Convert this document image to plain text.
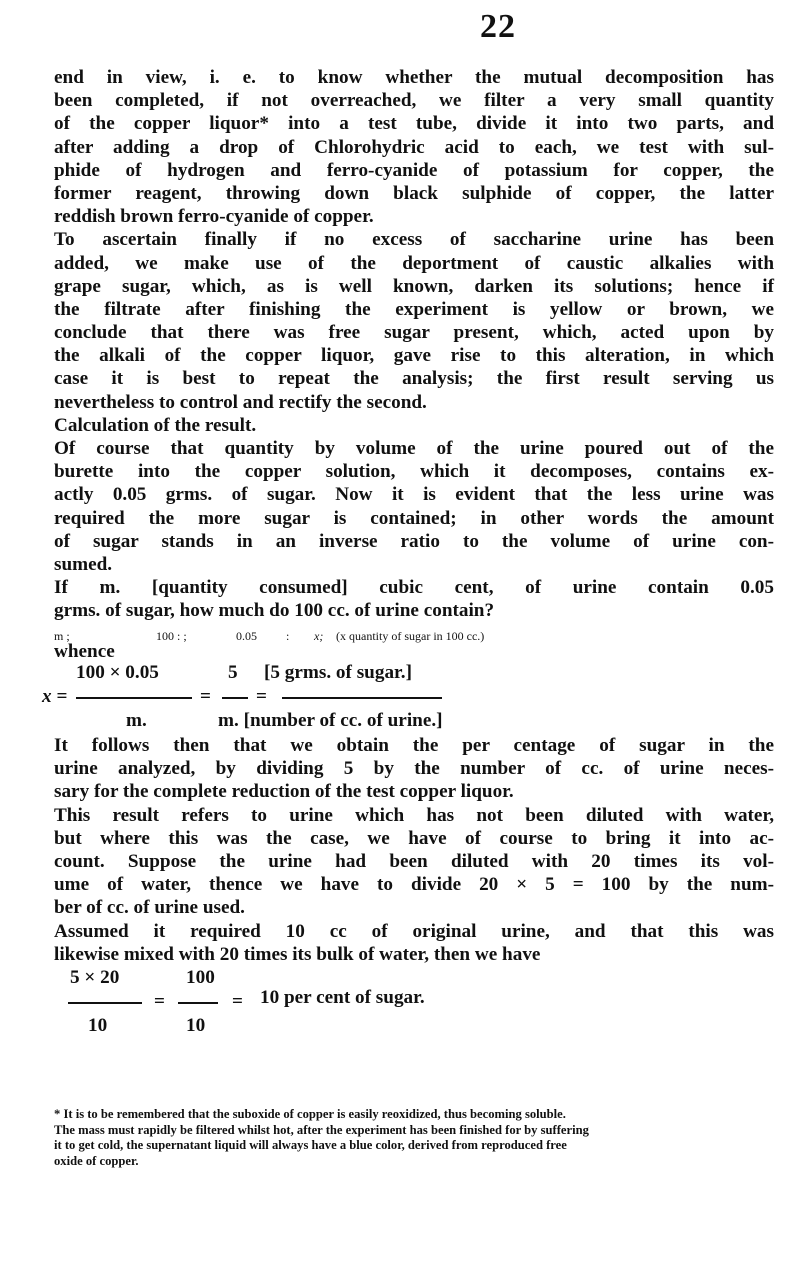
22
end in view, i. e. to know whether the mutual decomposition has
been completed, if not overreached, we filter a very small quantity
of the copper liquor* into a test tube, divide it into two parts, and
after adding a drop of Chlorohydric acid to each, we test with sul-
phide of hydrogen and ferro-cyanide of potassium for copper, the
former reagent, throwing down black sulphide of copper, the latter
reddish brown ferro-cyanide of copper.
To ascertain finally if no excess of saccharine urine has been
added, we make use of the deportment of caustic alkalies with
grape sugar, which, as is well known, darken its solutions; hence if
the filtrate after finishing the experiment is yellow or brown, we
conclude that there was free sugar present, which, acted upon by
the alkali of the copper liquor, gave rise to this alteration, in which
case it is best to repeat the analysis; the first result serving us
nevertheless to control and rectify the second.
Calculation of the result.
Of course that quantity by volume of the urine poured out of the
burette into the copper solution, which it decomposes, contains ex-
actly 0.05 grms. of sugar. Now it is evident that the less urine was
required the more sugar is contained; in other words the amount
of sugar stands in an inverse ratio to the volume of urine con-
sumed.
If m. [quantity consumed] cubic cent, of urine contain 0.05
grms. of sugar, how much do 100 cc. of urine contain?
m ;	100 : ;	0.05 : x; (x quantity of sugar in 100 cc.)
whence
100 × 0.05	5 [5 grms. of sugar.]
x =	= =
m.	m. [number of cc. of urine.]
It follows then that we obtain the per centage of sugar in the
urine analyzed, by dividing 5 by the number of cc. of urine neces-
sary for the complete reduction of the test copper liquor.
This result refers to urine which has not been diluted with water,
but where this was the case, we have of course to bring it into ac-
count. Suppose the urine had been diluted with 20 times its vol-
ume of water, thence we have to divide 20 × 5 = 100 by the num-
ber of cc. of urine used.
Assumed it required 10 cc of original urine, and that this was
likewise mixed with 20 times its bulk of water, then we have
5 × 20	100
=	= 10 per cent of sugar.
10	10
* It is to be remembered that the suboxide of copper is easily reoxidized, thus becoming soluble.
The mass must rapidly be filtered whilst hot, after the experiment has been finished for by suffering
it to get cold, the supernatant liquid will always have a blue color, derived from reproduced free
oxide of copper.
